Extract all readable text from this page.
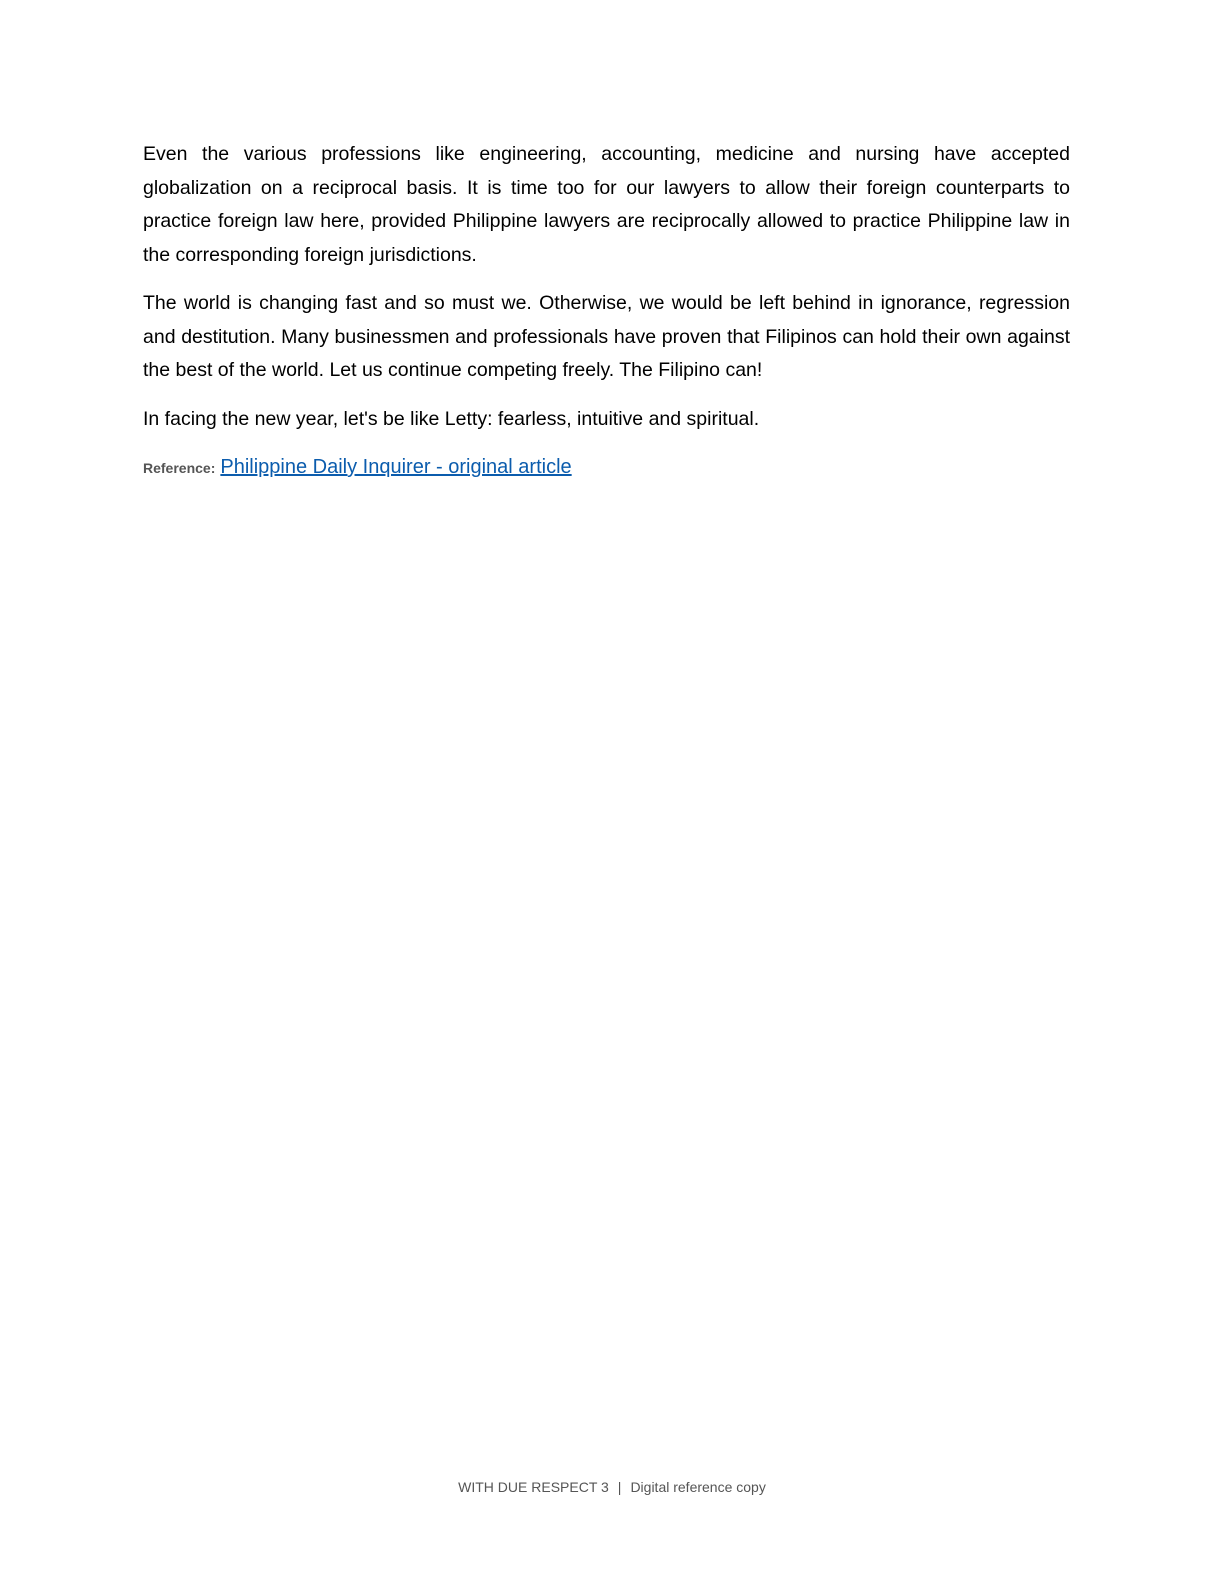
Even the various professions like engineering, accounting, medicine and nursing have accepted globalization on a reciprocal basis. It is time too for our lawyers to allow their foreign counterparts to practice foreign law here, provided Philippine lawyers are reciprocally allowed to practice Philippine law in the corresponding foreign jurisdictions.

The world is changing fast and so must we. Otherwise, we would be left behind in ignorance, regression and destitution. Many businessmen and professionals have proven that Filipinos can hold their own against the best of the world. Let us continue competing freely. The Filipino can!

In facing the new year, let's be like Letty: fearless, intuitive and spiritual.

Reference: Philippine Daily Inquirer - original article
WITH DUE RESPECT 3 | Digital reference copy
